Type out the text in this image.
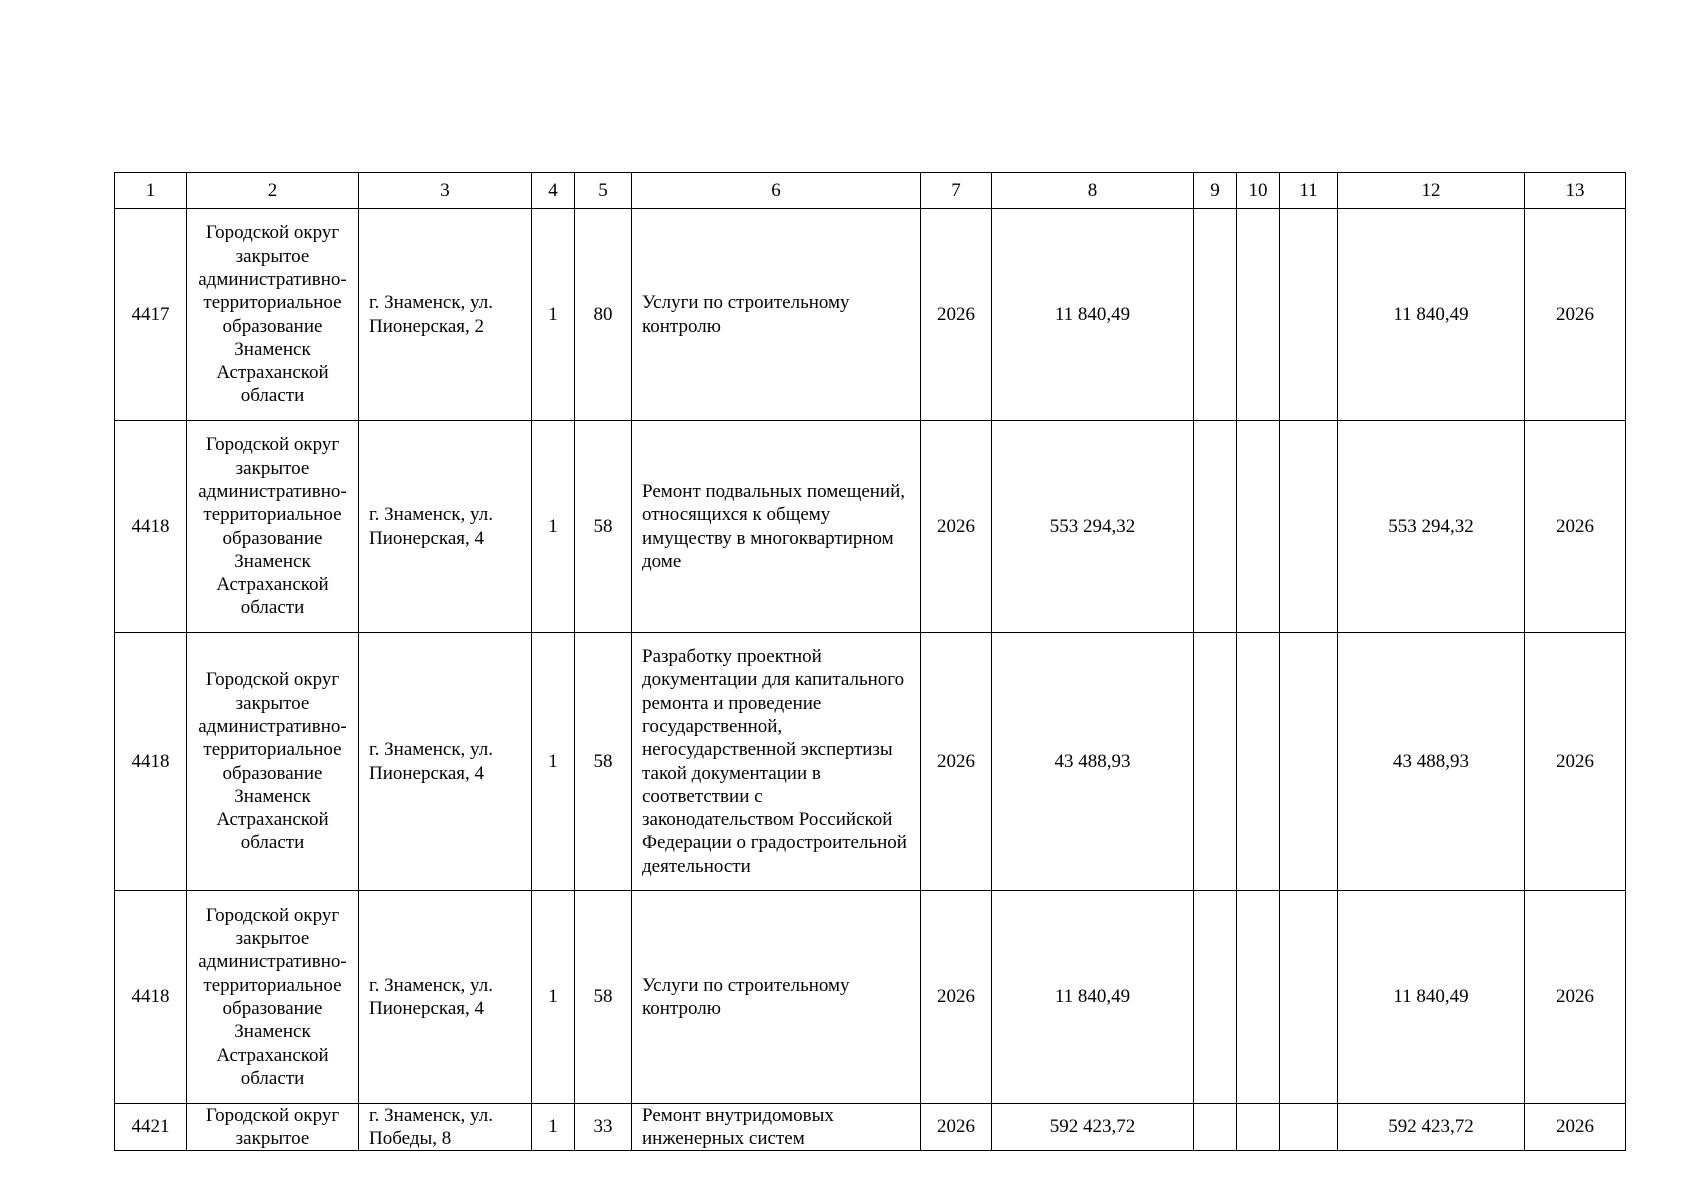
1	2	3	4	5	6	7	8	9	10	11	12	13
4417	Городской округ закрытое административно-территориальное образование Знаменск Астраханской области	г. Знаменск, ул. Пионерская, 2	1	80	Услуги по строительному контролю	2026	11 840,49				11 840,49	2026
4418	Городской округ закрытое административно-территориальное образование Знаменск Астраханской области	г. Знаменск, ул. Пионерская, 4	1	58	Ремонт подвальных помещений, относящихся к общему имуществу в многоквартирном доме	2026	553 294,32				553 294,32	2026
4418	Городской округ закрытое административно-территориальное образование Знаменск Астраханской области	г. Знаменск, ул. Пионерская, 4	1	58	Разработку проектной документации для капитального ремонта и проведение государственной, негосударственной экспертизы такой документации в соответствии с законодательством Российской Федерации о градостроительной деятельности	2026	43 488,93				43 488,93	2026
4418	Городской округ закрытое административно-территориальное образование Знаменск Астраханской области	г. Знаменск, ул. Пионерская, 4	1	58	Услуги по строительному контролю	2026	11 840,49				11 840,49	2026
4421	Городской округ закрытое	г. Знаменск, ул. Победы, 8	1	33	Ремонт внутридомовых инженерных систем	2026	592 423,72				592 423,72	2026
